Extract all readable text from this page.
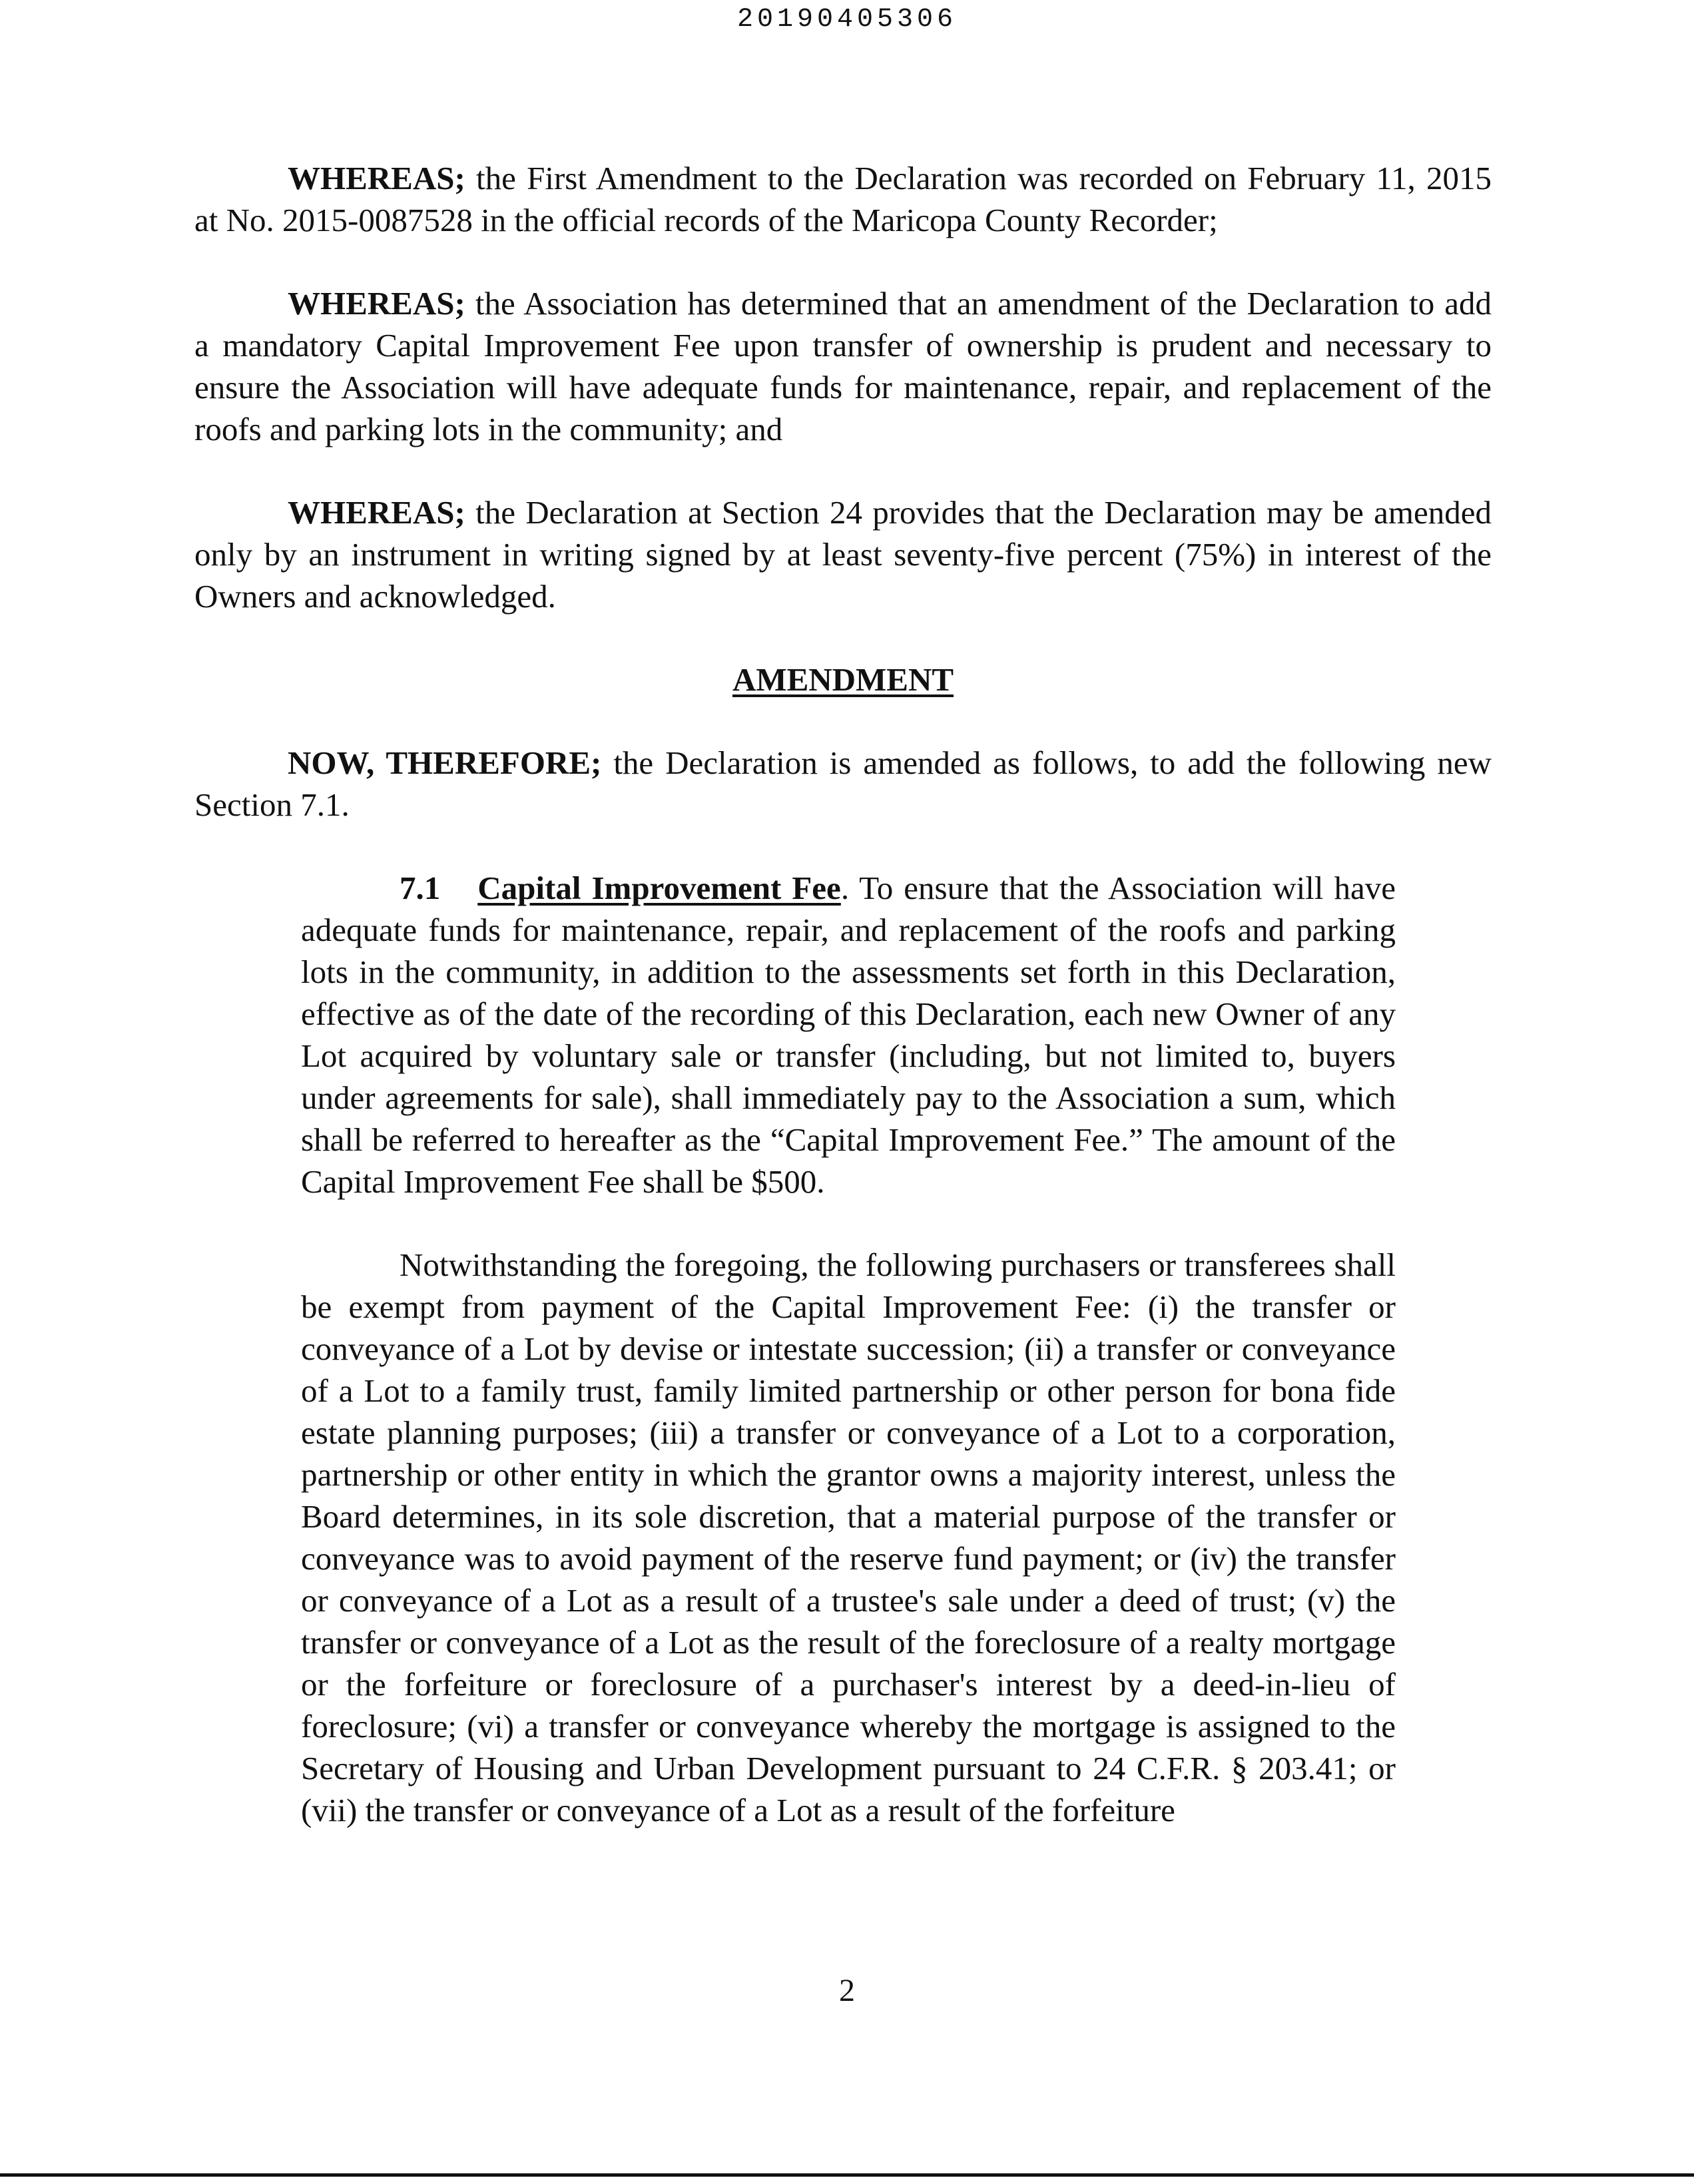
20190405306

WHEREAS; the First Amendment to the Declaration was recorded on February 11, 2015 at No. 2015-0087528 in the official records of the Maricopa County Recorder;

WHEREAS; the Association has determined that an amendment of the Declaration to add a mandatory Capital Improvement Fee upon transfer of ownership is prudent and necessary to ensure the Association will have adequate funds for maintenance, repair, and replacement of the roofs and parking lots in the community; and

WHEREAS; the Declaration at Section 24 provides that the Declaration may be amended only by an instrument in writing signed by at least seventy-five percent (75%) in interest of the Owners and acknowledged.

AMENDMENT

NOW, THEREFORE; the Declaration is amended as follows, to add the following new Section 7.1.

7.1 Capital Improvement Fee. To ensure that the Association will have adequate funds for maintenance, repair, and replacement of the roofs and parking lots in the community, in addition to the assessments set forth in this Declaration, effective as of the date of the recording of this Declaration, each new Owner of any Lot acquired by voluntary sale or transfer (including, but not limited to, buyers under agreements for sale), shall immediately pay to the Association a sum, which shall be referred to hereafter as the “Capital Improvement Fee.” The amount of the Capital Improvement Fee shall be $500.

Notwithstanding the foregoing, the following purchasers or transferees shall be exempt from payment of the Capital Improvement Fee: (i) the transfer or conveyance of a Lot by devise or intestate succession; (ii) a transfer or conveyance of a Lot to a family trust, family limited partnership or other person for bona fide estate planning purposes; (iii) a transfer or conveyance of a Lot to a corporation, partnership or other entity in which the grantor owns a majority interest, unless the Board determines, in its sole discretion, that a material purpose of the transfer or conveyance was to avoid payment of the reserve fund payment; or (iv) the transfer or conveyance of a Lot as a result of a trustee's sale under a deed of trust; (v) the transfer or conveyance of a Lot as the result of the foreclosure of a realty mortgage or the forfeiture or foreclosure of a purchaser's interest by a deed-in-lieu of foreclosure; (vi) a transfer or conveyance whereby the mortgage is assigned to the Secretary of Housing and Urban Development pursuant to 24 C.F.R. § 203.41; or (vii) the transfer or conveyance of a Lot as a result of the forfeiture

2
